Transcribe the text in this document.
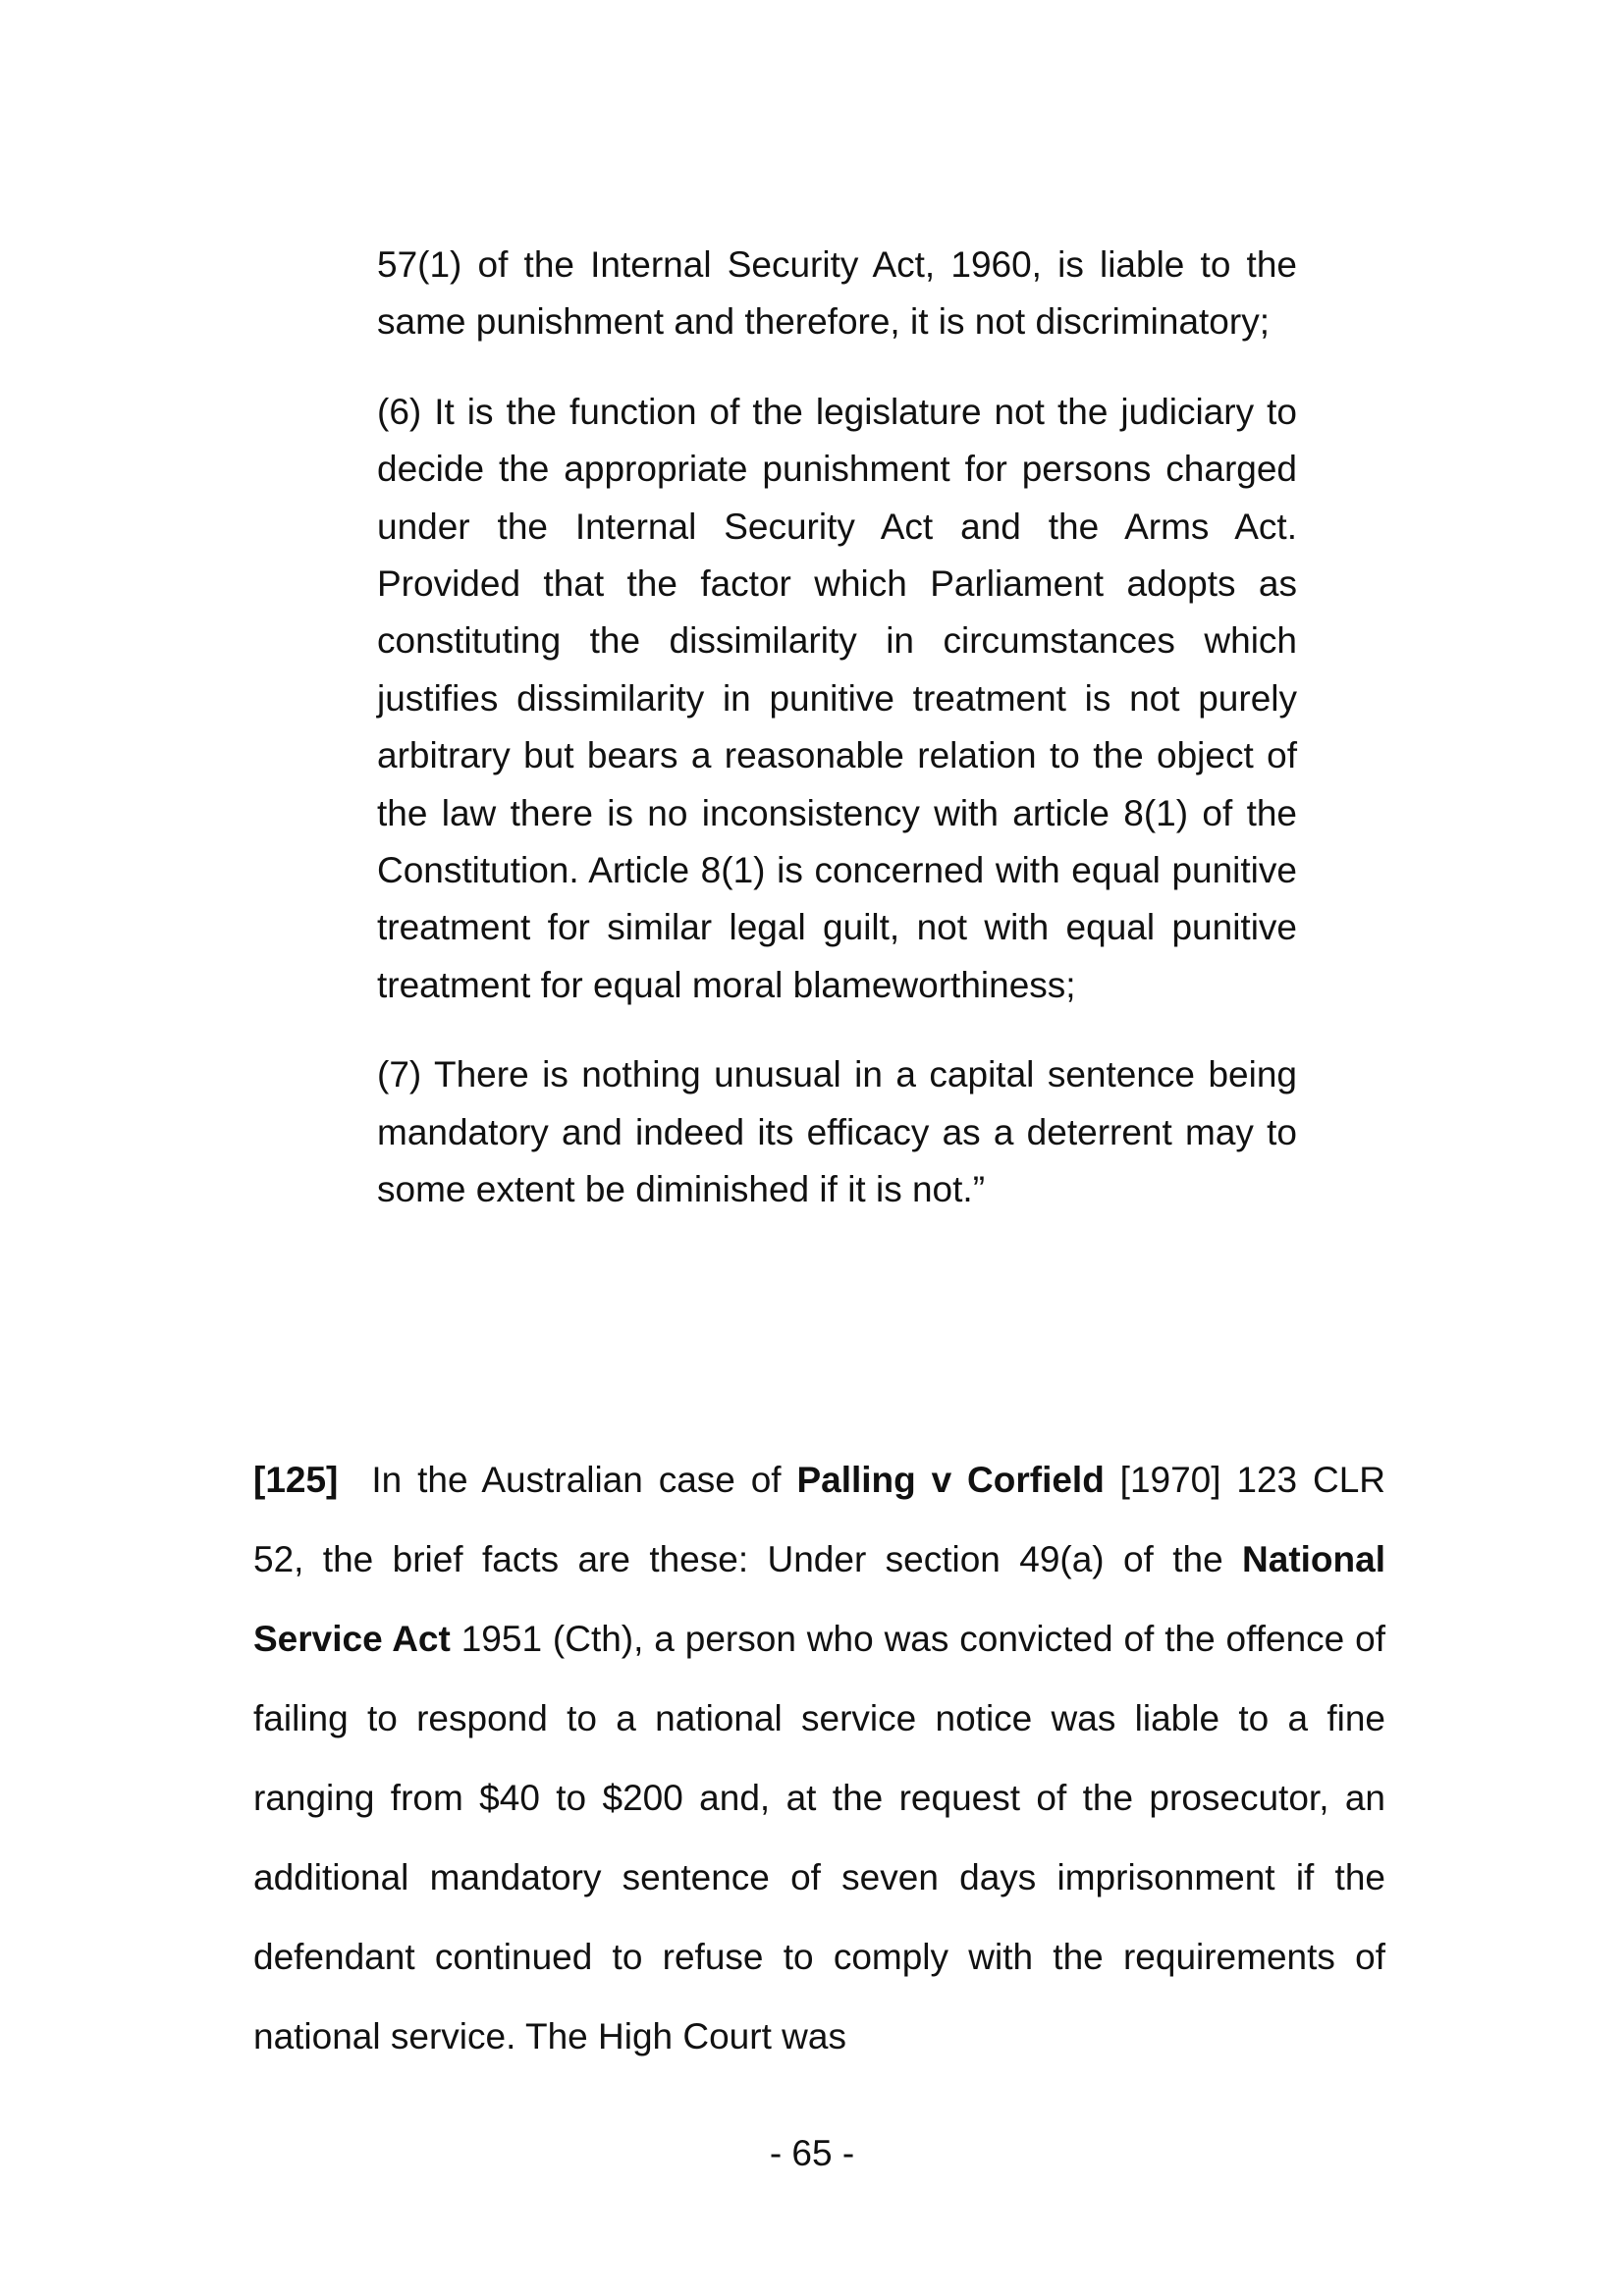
57(1) of the Internal Security Act, 1960, is liable to the same punishment and therefore, it is not discriminatory;

(6) It is the function of the legislature not the judiciary to decide the appropriate punishment for persons charged under the Internal Security Act and the Arms Act. Provided that the factor which Parliament adopts as constituting the dissimilarity in circumstances which justifies dissimilarity in punitive treatment is not purely arbitrary but bears a reasonable relation to the object of the law there is no inconsistency with article 8(1) of the Constitution. Article 8(1) is concerned with equal punitive treatment for similar legal guilt, not with equal punitive treatment for equal moral blameworthiness;

(7) There is nothing unusual in a capital sentence being mandatory and indeed its efficacy as a deterrent may to some extent be diminished if it is not.”

[125] In the Australian case of Palling v Corfield [1970] 123 CLR 52, the brief facts are these: Under section 49(a) of the National Service Act 1951 (Cth), a person who was convicted of the offence of failing to respond to a national service notice was liable to a fine ranging from $40 to $200 and, at the request of the prosecutor, an additional mandatory sentence of seven days imprisonment if the defendant continued to refuse to comply with the requirements of national service. The High Court was

- 65 -
